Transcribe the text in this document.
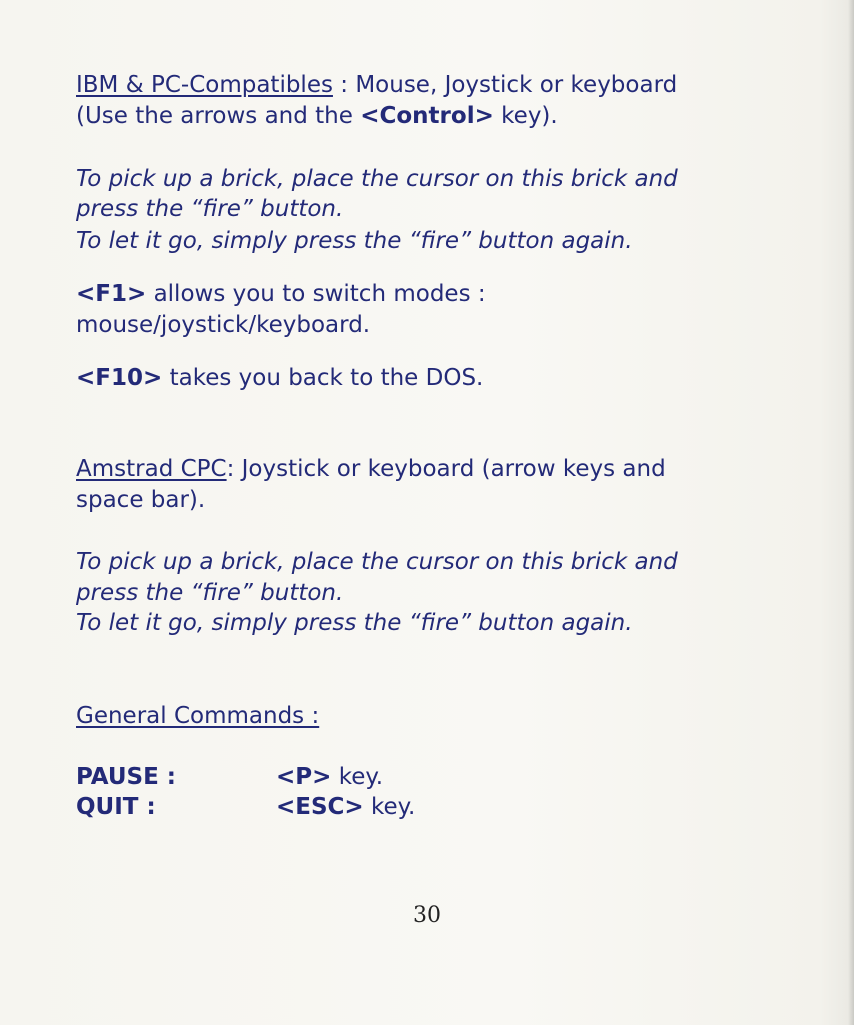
IBM & PC-Compatibles : Mouse, Joystick or keyboard

(Use the arrows and the <Control> key).

To pick up a brick, place the cursor on this brick and

press the “fire” button.

To let it go, simply press the “fire” button again.

<F1> allows you to switch modes :

mouse/joystick/keyboard.

<F10> takes you back to the DOS.

Amstrad CPC: Joystick or keyboard (arrow keys and

space bar).

To pick up a brick, place the cursor on this brick and

press the “fire” button.

To let it go, simply press the “fire” button again.

General Commands :

PAUSE :	<P> key.
QUIT :	<ESC> key.
30
